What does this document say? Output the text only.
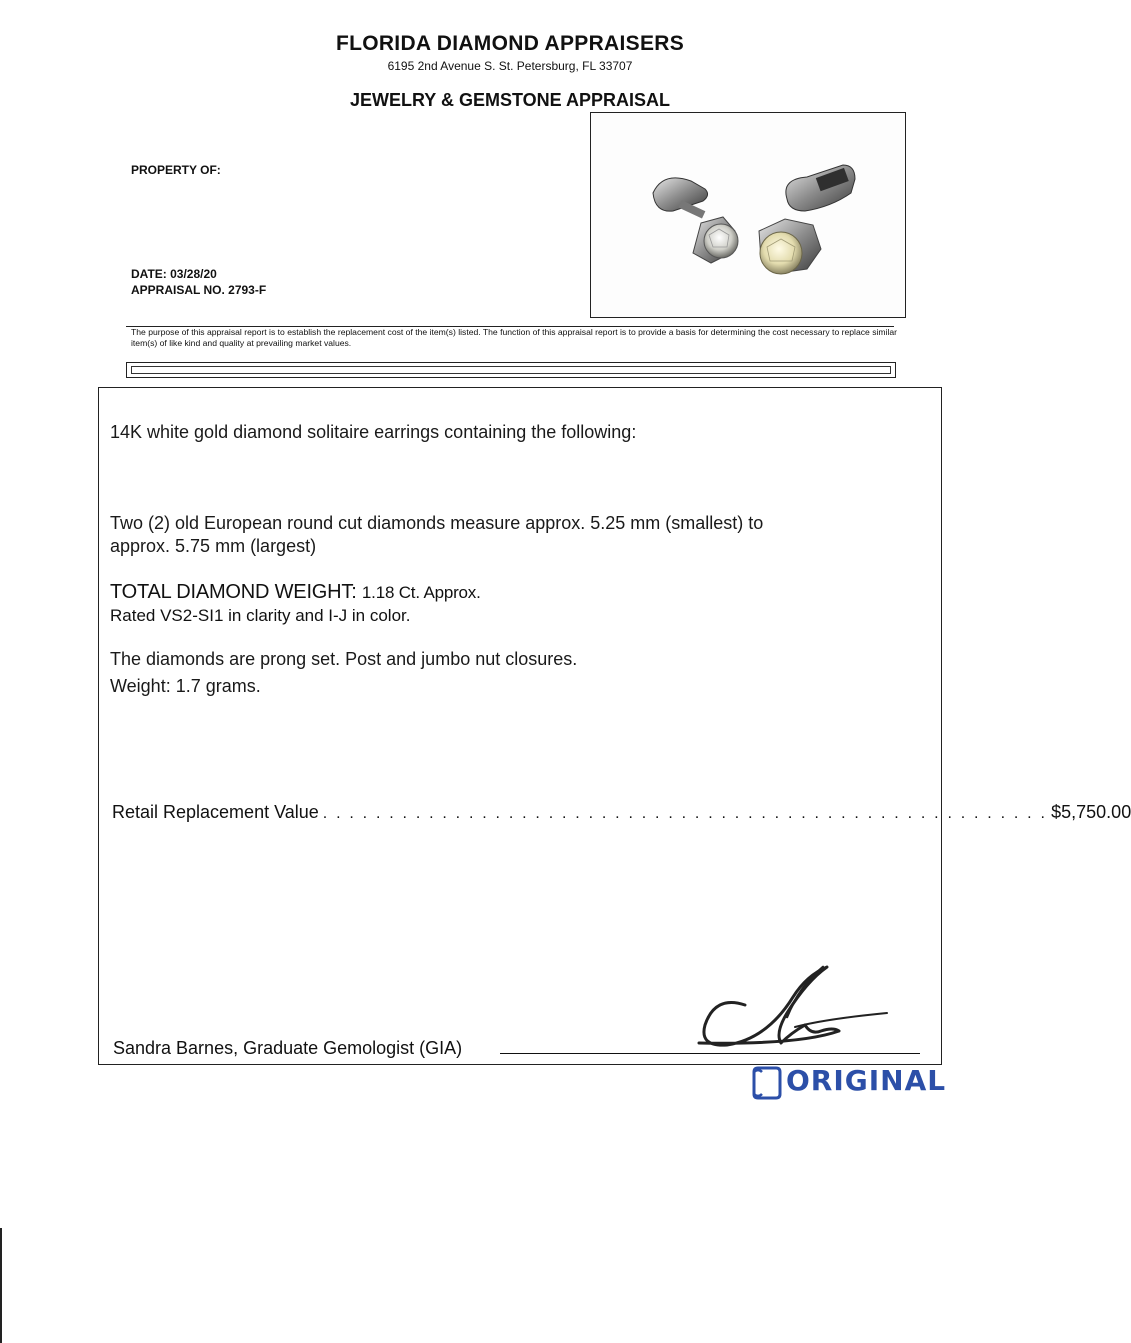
FLORIDA DIAMOND APPRAISERS
6195 2nd Avenue S. St. Petersburg, FL 33707
JEWELRY & GEMSTONE APPRAISAL
PROPERTY OF:
DATE: 03/28/20
APPRAISAL NO. 2793-F
The purpose of this appraisal report is to establish the replacement cost of the item(s) listed. The function of this appraisal report is to provide a basis for determining the cost necessary to replace similar item(s) of like kind and quality at prevailing market values.
14K white gold diamond solitaire earrings containing the following:
Two (2) old European round cut diamonds measure approx. 5.25 mm (smallest) to approx. 5.75 mm (largest)
TOTAL DIAMOND WEIGHT: 1.18 Ct. Approx.
Rated VS2-SI1 in clarity and I-J in color.
The diamonds are prong set. Post and jumbo nut closures.
Weight: 1.7 grams.
Retail Replacement Value . . . . . . . . . . . . . . . . . . . . . . . . . . . . . . . . . . . . . . . . . . . . . . . . . . . . . . . $5,750.00
Sandra Barnes, Graduate Gemologist (GIA)
ORIGINAL
